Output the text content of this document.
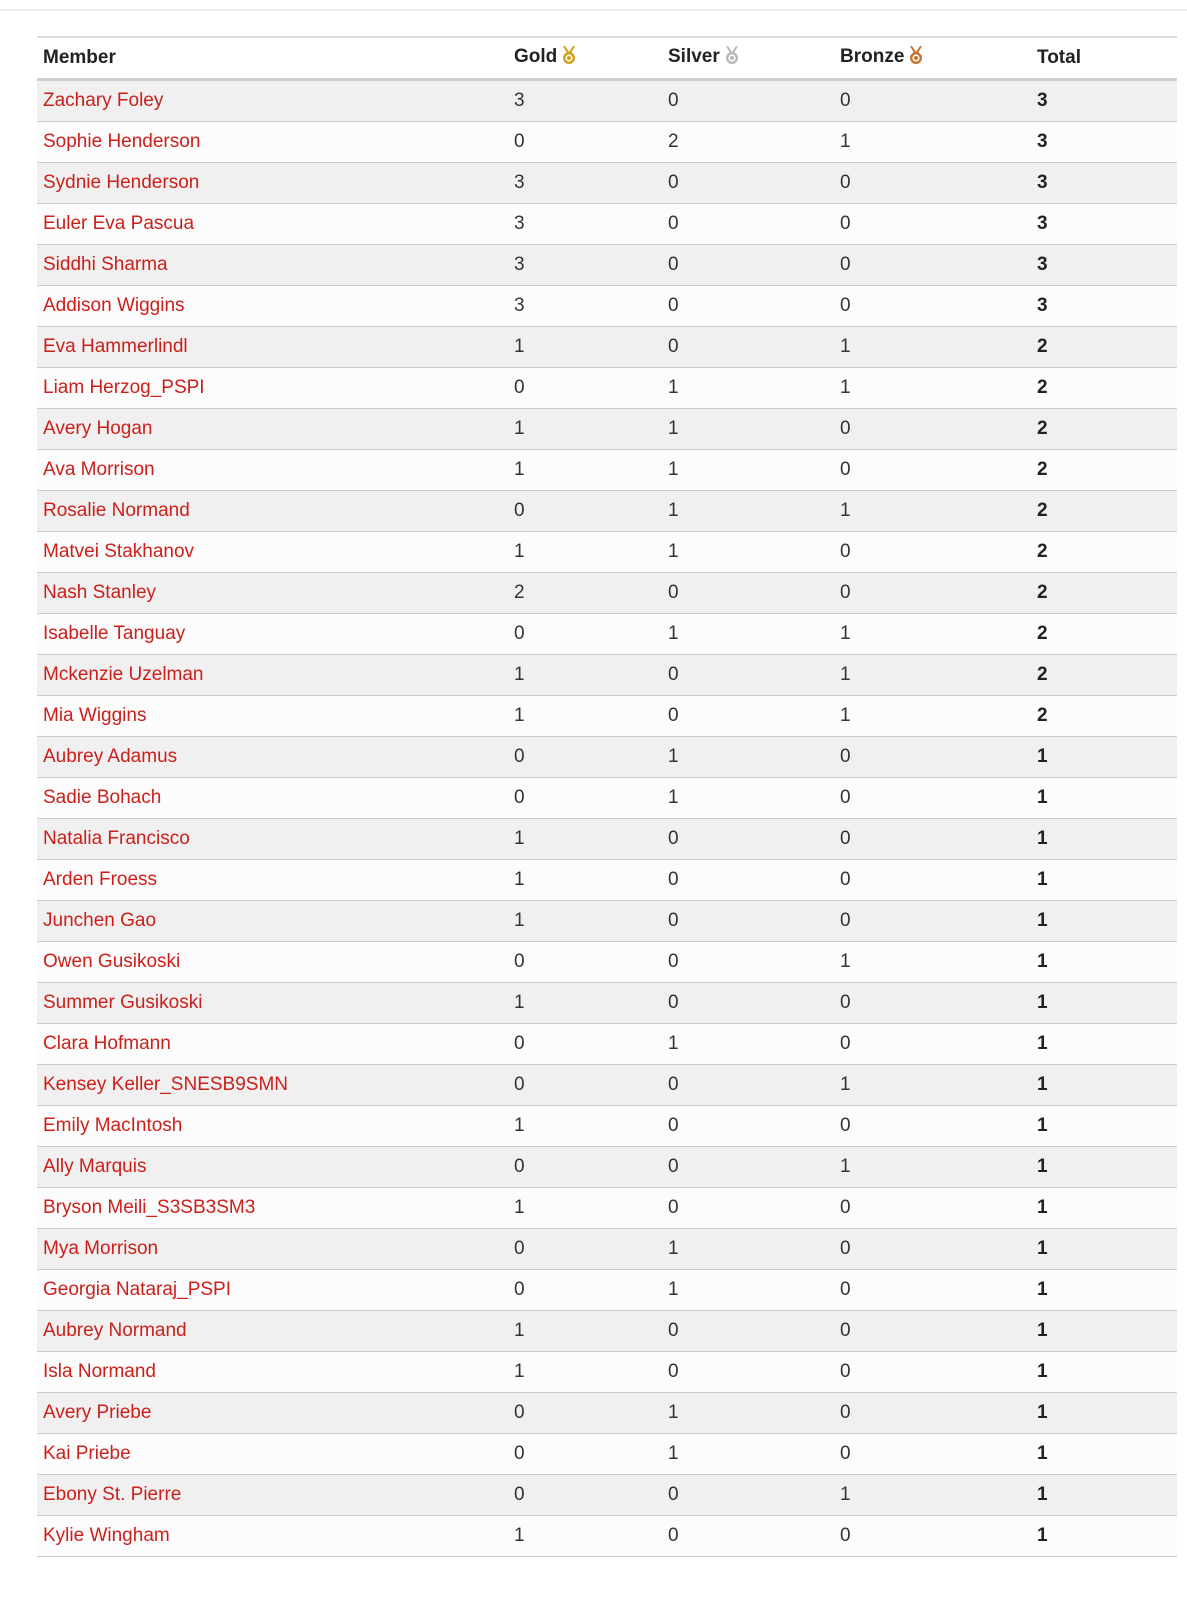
Member	Gold	Silver	Bronze	Total
Zachary Foley	3	0	0	3
Sophie Henderson	0	2	1	3
Sydnie Henderson	3	0	0	3
Euler Eva Pascua	3	0	0	3
Siddhi Sharma	3	0	0	3
Addison Wiggins	3	0	0	3
Eva Hammerlindl	1	0	1	2
Liam Herzog_PSPI	0	1	1	2
Avery Hogan	1	1	0	2
Ava Morrison	1	1	0	2
Rosalie Normand	0	1	1	2
Matvei Stakhanov	1	1	0	2
Nash Stanley	2	0	0	2
Isabelle Tanguay	0	1	1	2
Mckenzie Uzelman	1	0	1	2
Mia Wiggins	1	0	1	2
Aubrey Adamus	0	1	0	1
Sadie Bohach	0	1	0	1
Natalia Francisco	1	0	0	1
Arden Froess	1	0	0	1
Junchen Gao	1	0	0	1
Owen Gusikoski	0	0	1	1
Summer Gusikoski	1	0	0	1
Clara Hofmann	0	1	0	1
Kensey Keller_SNESB9SMN	0	0	1	1
Emily MacIntosh	1	0	0	1
Ally Marquis	0	0	1	1
Bryson Meili_S3SB3SM3	1	0	0	1
Mya Morrison	0	1	0	1
Georgia Nataraj_PSPI	0	1	0	1
Aubrey Normand	1	0	0	1
Isla Normand	1	0	0	1
Avery Priebe	0	1	0	1
Kai Priebe	0	1	0	1
Ebony St. Pierre	0	0	1	1
Kylie Wingham	1	0	0	1
